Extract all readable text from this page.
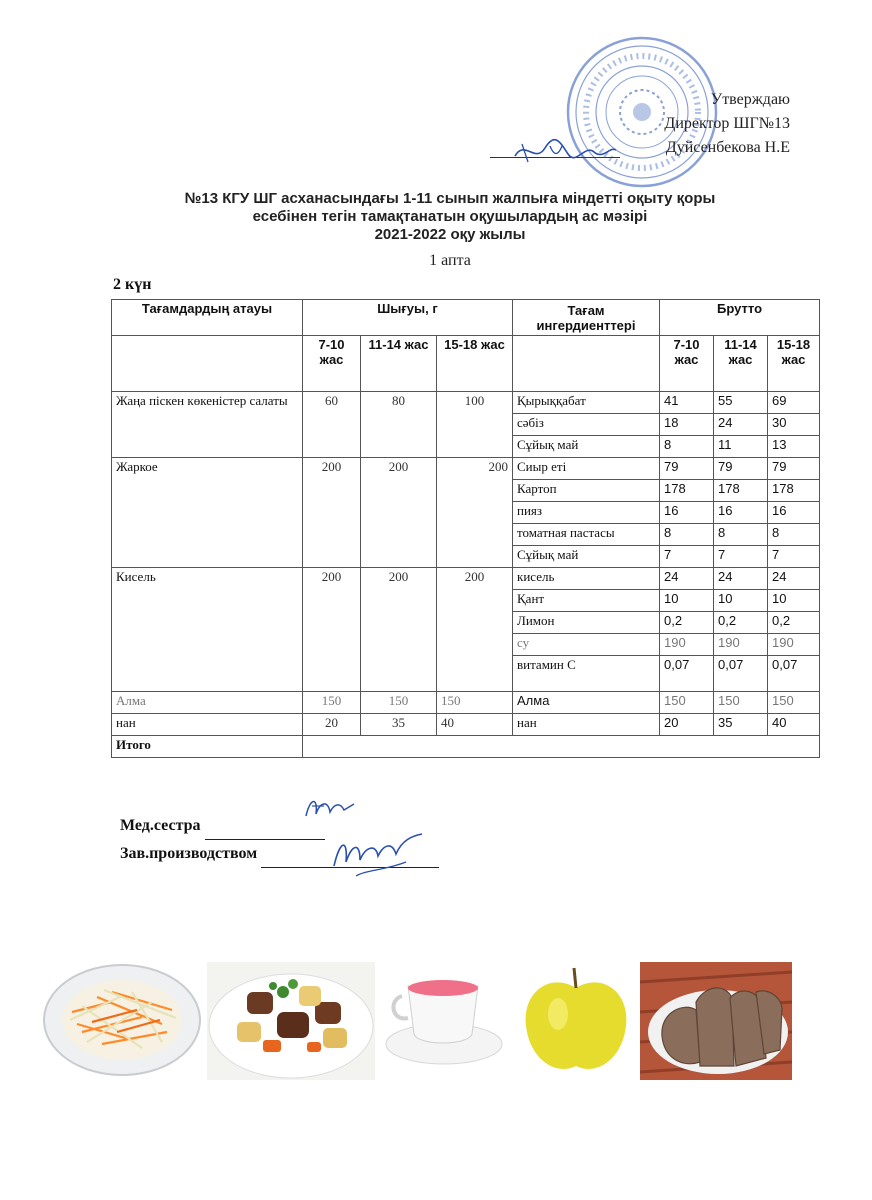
Утверждаю
Директор ШГ№13
Дуйсенбекова Н.Е
№13 КГУ ШГ асханасындағы 1-11 сынып жалпыға міндетті оқыту қоры
есебінен тегін тамақтанатын оқушылардың ас мәзірі
2021-2022 оқу жылы
1 апта
2 күн
Тағамдардың атауы	Шығуы, г			Тағам ингердиенттері	Брутто		
	7-10 жас	11-14 жас	15-18 жас		7-10 жас	11-14 жас	15-18 жас
Жаңа піскен көкеністер салаты	60	80	100	Қырыққабат	41	55	69
				сәбіз	18	24	30
				Сұйық май	8	11	13
Жаркое	200	200	200	Сиыр еті	79	79	79
				Картоп	178	178	178
				пияз	16	16	16
				томатная пастасы	8	8	8
				Сұйық май	7	7	7
Кисель	200	200	200	кисель	24	24	24
				Қант	10	10	10
				Лимон	0,2	0,2	0,2
				су	190	190	190
				витамин С	0,07	0,07	0,07
Алма	150	150	150	Алма	150	150	150
нан	20	35	40	нан	20	35	40
Итого							
Мед.сестра
Зав.производством
